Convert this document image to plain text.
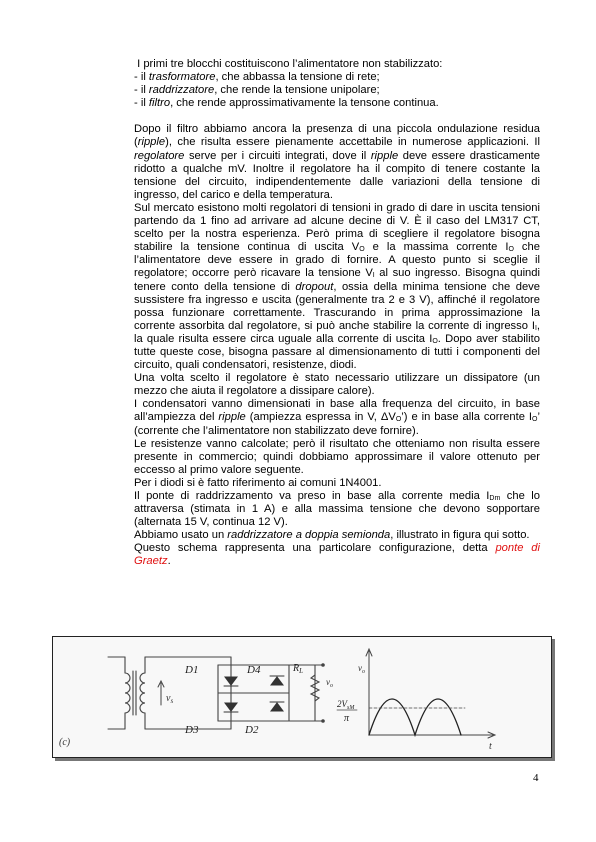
I primi tre blocchi costituiscono l’alimentatore non stabilizzato:

- il trasformatore, che abbassa la tensione di rete;

- il raddrizzatore, che rende la tensione unipolare;

- il filtro, che rende approssimativamente la tensone continua.

Dopo il filtro abbiamo ancora la presenza di una piccola ondulazione residua (ripple), che risulta essere pienamente accettabile in numerose applicazioni. Il regolatore serve per i circuiti integrati, dove il ripple deve essere drasticamente ridotto a qualche mV. Inoltre il regolatore ha il compito di tenere costante la tensione del circuito, indipendentemente dalle variazioni della tensione di ingresso, del carico e della temperatura.

Sul mercato esistono molti regolatori di tensioni in grado di dare in uscita tensioni partendo da 1 fino ad arrivare ad alcune decine di V. È il caso del LM317 CT, scelto per la nostra esperienza. Però prima di scegliere il regolatore bisogna stabilire la tensione continua di uscita $V_O$ e la massima corrente $I_O$ che l’alimentatore deve essere in grado di fornire. A questo punto si sceglie il regolatore; occorre però ricavare la tensione $V_I$ al suo ingresso. Bisogna quindi tenere conto della tensione di dropout, ossia della minima tensione che deve sussistere fra ingresso e uscita (generalmente tra 2 e 3 V), affinché il regolatore possa funzionare correttamente. Trascurando in prima approssimazione la corrente assorbita dal regolatore, si può anche stabilire la corrente di ingresso $I_I$, la quale risulta essere circa uguale alla corrente di uscita $I_O$. Dopo aver stabilito tutte queste cose, bisogna passare al dimensionamento di tutti i componenti del circuito, quali condensatori, resistenze, diodi.

Una volta scelto il regolatore è stato necessario utilizzare un dissipatore (un mezzo che aiuta il regolatore a dissipare calore).

I condensatori vanno dimensionati in base alla frequenza del circuito, in base all’ampiezza del ripple (ampiezza espressa in V, $\Delta V_O$’) e in base alla corrente $I_O$’ (corrente che l’alimentatore non stabilizzato deve fornire).

Le resistenze vanno calcolate; però il risultato che otteniamo non risulta essere presente in commercio; quindi dobbiamo approssimare il valore ottenuto per eccesso al primo valore seguente.

Per i diodi si è fatto riferimento ai comuni 1N4001.

Il ponte di raddrizzamento va preso in base alla corrente media $I_{Dm}$ che lo attraversa (stimata in 1 A) e alla massima tensione che devono sopportare (alternata 15 V, continua 12 V).

Abbiamo usato un raddrizzatore a doppia semionda, illustrato in figura qui sotto.

Questo schema rappresenta una particolare configurazione, detta ponte di Graetz.

(c)
$v_s$
D1	D4
D3	D2
$R_L$
$v_o$
$v_o$
t
$2V_{sM}$
π
4
